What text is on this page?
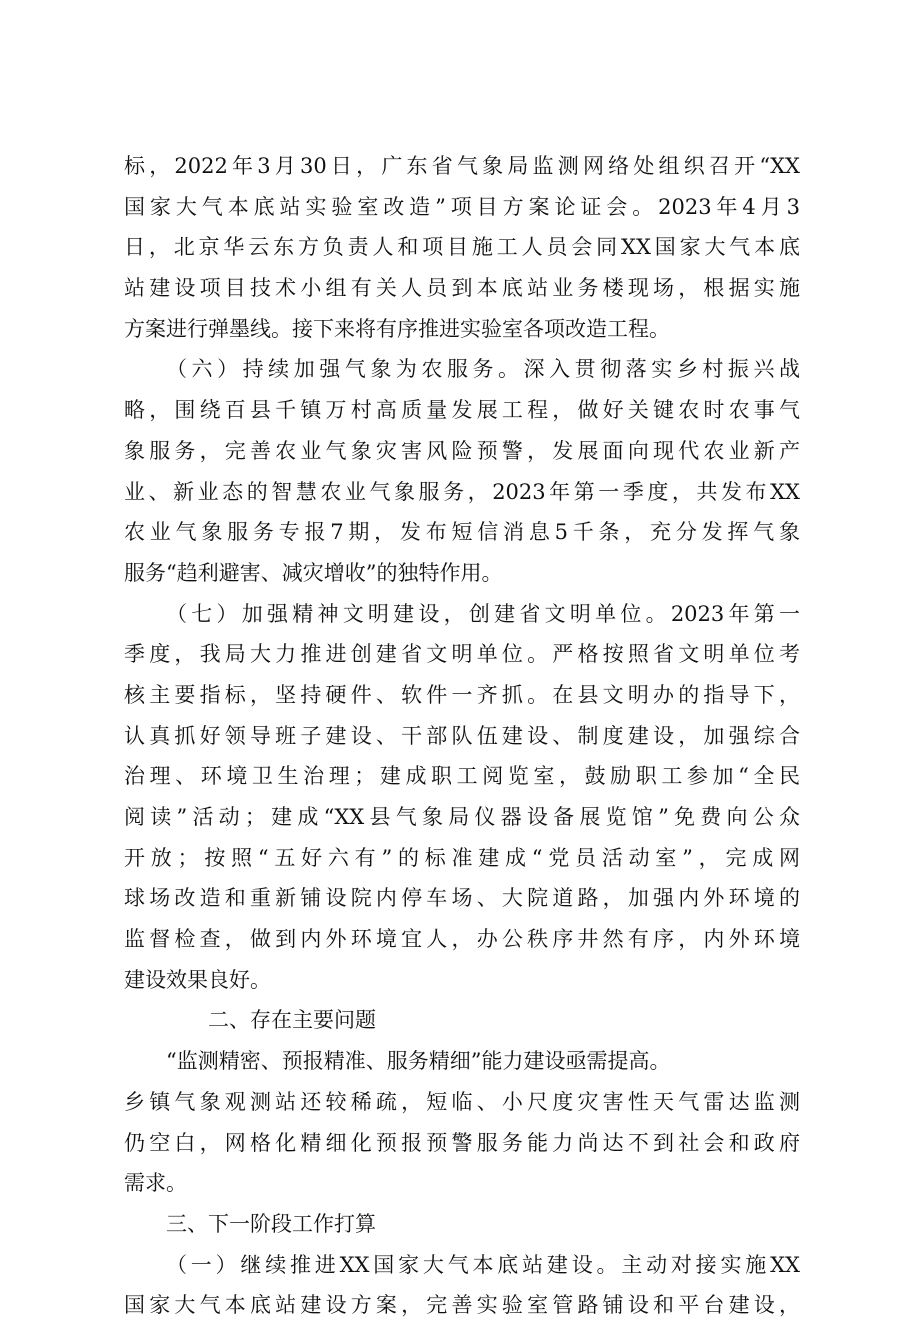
标，2022年3月30日，广东省气象局监测网络处组织召开“XX
国家大气本底站实验室改造”项目方案论证会。2023年4月3
日，北京华云东方负责人和项目施工人员会同XX国家大气本底
站建设项目技术小组有关人员到本底站业务楼现场，根据实施
方案进行弹墨线。接下来将有序推进实验室各项改造工程。
（六）持续加强气象为农服务。深入贯彻落实乡村振兴战
略，围绕百县千镇万村高质量发展工程，做好关键农时农事气
象服务，完善农业气象灾害风险预警，发展面向现代农业新产
业、新业态的智慧农业气象服务，2023年第一季度，共发布XX
农业气象服务专报7期，发布短信消息5千条，充分发挥气象
服务“趋利避害、减灾增收”的独特作用。
（七）加强精神文明建设，创建省文明单位。2023年第一
季度，我局大力推进创建省文明单位。严格按照省文明单位考
核主要指标，坚持硬件、软件一齐抓。在县文明办的指导下，
认真抓好领导班子建设、干部队伍建设、制度建设，加强综合
治理、环境卫生治理；建成职工阅览室，鼓励职工参加“全民
阅读”活动；建成“XX县气象局仪器设备展览馆”免费向公众
开放；按照“五好六有”的标准建成“党员活动室”，完成网
球场改造和重新铺设院内停车场、大院道路，加强内外环境的
监督检查，做到内外环境宜人，办公秩序井然有序，内外环境
建设效果良好。
二、存在主要问题
“监测精密、预报精准、服务精细”能力建设亟需提高。
乡镇气象观测站还较稀疏，短临、小尺度灾害性天气雷达监测
仍空白，网格化精细化预报预警服务能力尚达不到社会和政府
需求。
三、下一阶段工作打算
（一）继续推进XX国家大气本底站建设。主动对接实施XX
国家大气本底站建设方案，完善实验室管路铺设和平台建设，
